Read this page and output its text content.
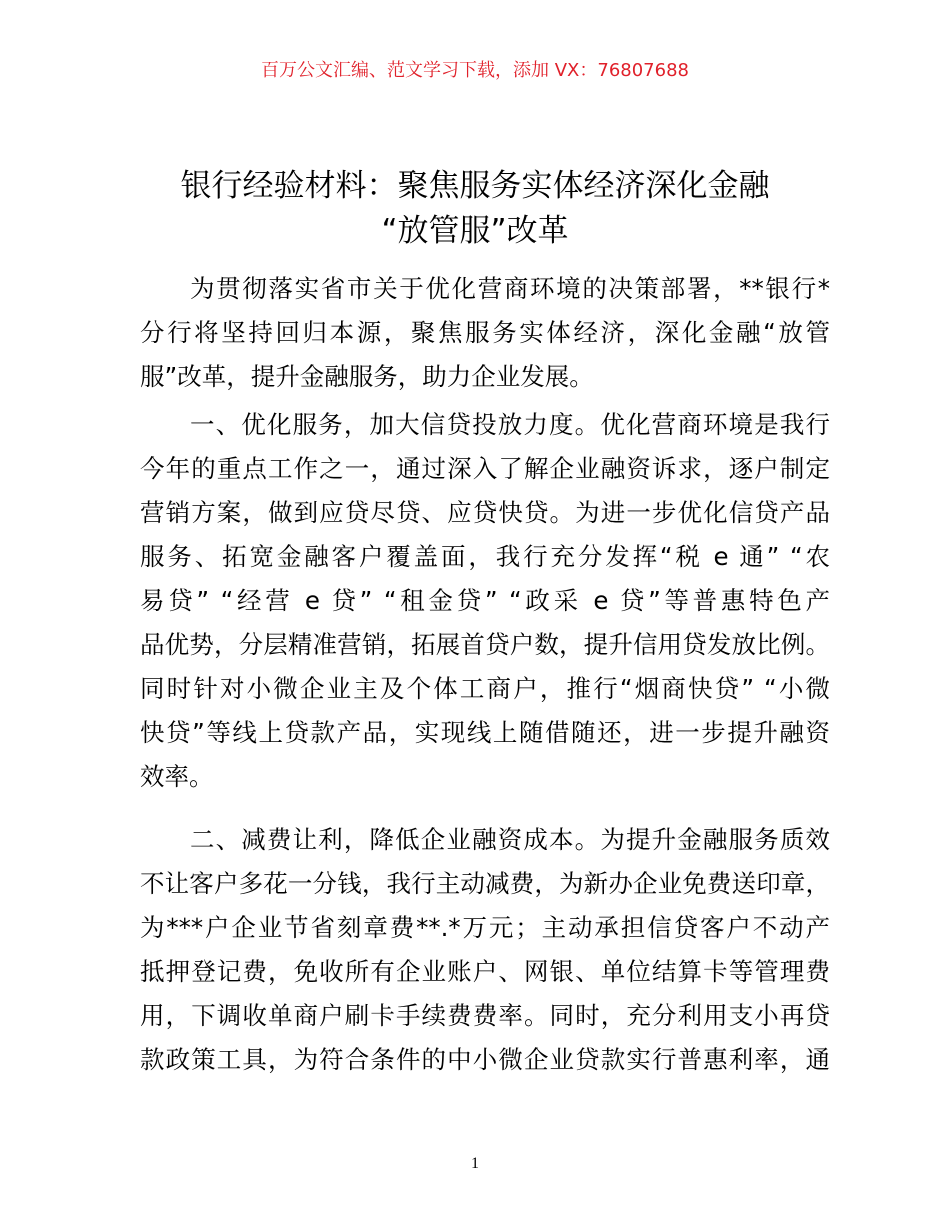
百万公文汇编、范文学习下载，添加 VX：76807688
银行经验材料：聚焦服务实体经济深化金融
“放管服”改革
为贯彻落实省市关于优化营商环境的决策部署，**银行*
分行将坚持回归本源，聚焦服务实体经济，深化金融“放管
服”改革，提升金融服务，助力企业发展。
一、优化服务，加大信贷投放力度。优化营商环境是我行
今年的重点工作之一，通过深入了解企业融资诉求，逐户制定
营销方案，做到应贷尽贷、应贷快贷。为进一步优化信贷产品
服务、拓宽金融客户覆盖面，我行充分发挥“税 e 通” “农
易贷” “经营 e 贷” “租金贷” “政采 e 贷”等普惠特色产
品优势，分层精准营销，拓展首贷户数，提升信用贷发放比例。
同时针对小微企业主及个体工商户，推行“烟商快贷” “小微
快贷”等线上贷款产品，实现线上随借随还，进一步提升融资
效率。
二、减费让利，降低企业融资成本。为提升金融服务质效
不让客户多花一分钱，我行主动减费，为新办企业免费送印章，
为***户企业节省刻章费**.*万元；主动承担信贷客户不动产
抵押登记费，免收所有企业账户、网银、单位结算卡等管理费
用，下调收单商户刷卡手续费费率。同时，充分利用支小再贷
款政策工具，为符合条件的中小微企业贷款实行普惠利率，通
1
